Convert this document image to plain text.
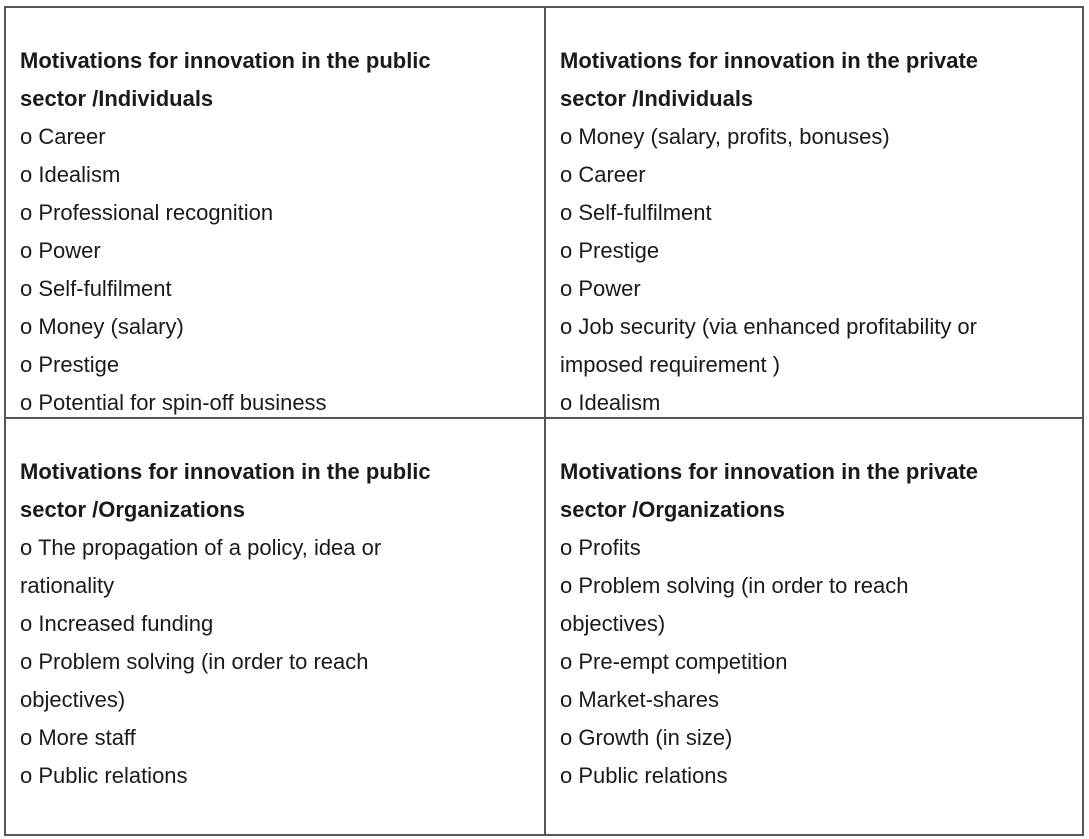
Motivations for innovation in the public
sector /Individuals

o Career
o Idealism
o Professional recognition
o Power
o Self-fulfilment
o Money (salary)
o Prestige
o Potential for spin-off business

Motivations for innovation in the private
sector /Individuals

o Money (salary, profits, bonuses)
o Career
o Self-fulfilment
o Prestige
o Power
o Job security (via enhanced profitability or
imposed requirement )
o Idealism

Motivations for innovation in the public
sector /Organizations

o The propagation of a policy, idea or
rationality
o Increased funding
o Problem solving (in order to reach
objectives)
o More staff
o Public relations

Motivations for innovation in the private
sector /Organizations

o Profits
o Problem solving (in order to reach
objectives)
o Pre-empt competition
o Market-shares
o Growth (in size)
o Public relations
